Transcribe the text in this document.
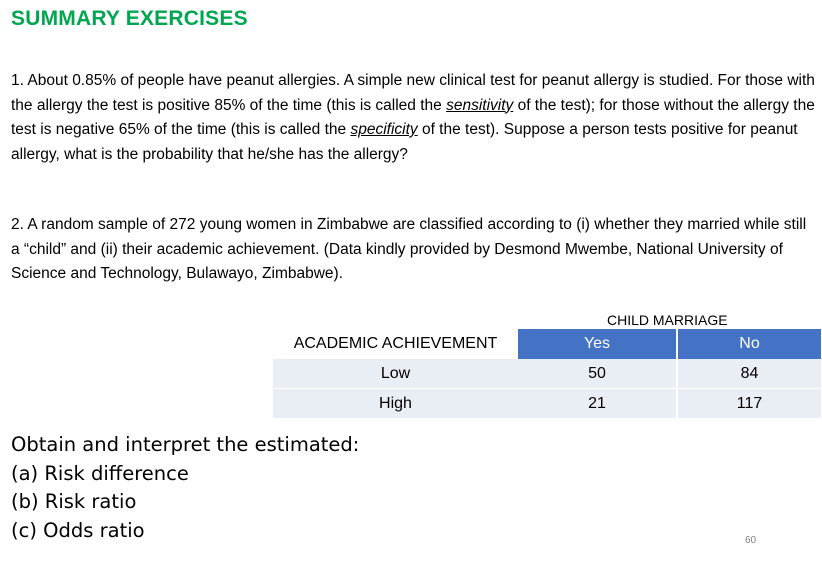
SUMMARY EXERCISES
1. About 0.85% of people have peanut allergies. A simple new clinical test for peanut allergy is studied. For those with the allergy the test is positive 85% of the time (this is called the sensitivity of the test); for those without the allergy the test is negative 65% of the time (this is called the specificity of the test). Suppose a person tests positive for peanut allergy, what is the probability that he/she has the allergy?
2. A random sample of 272 young women in Zimbabwe are classified according to (i) whether they married while still a “child” and (ii) their academic achievement. (Data kindly provided by Desmond Mwembe, National University of Science and Technology, Bulawayo, Zimbabwe).
CHILD MARRIAGE
ACADEMIC ACHIEVEMENT	Yes	No
Low	50	84
High	21	117
Obtain and interpret the estimated:
(a) Risk difference
(b) Risk ratio
(c) Odds ratio	60
